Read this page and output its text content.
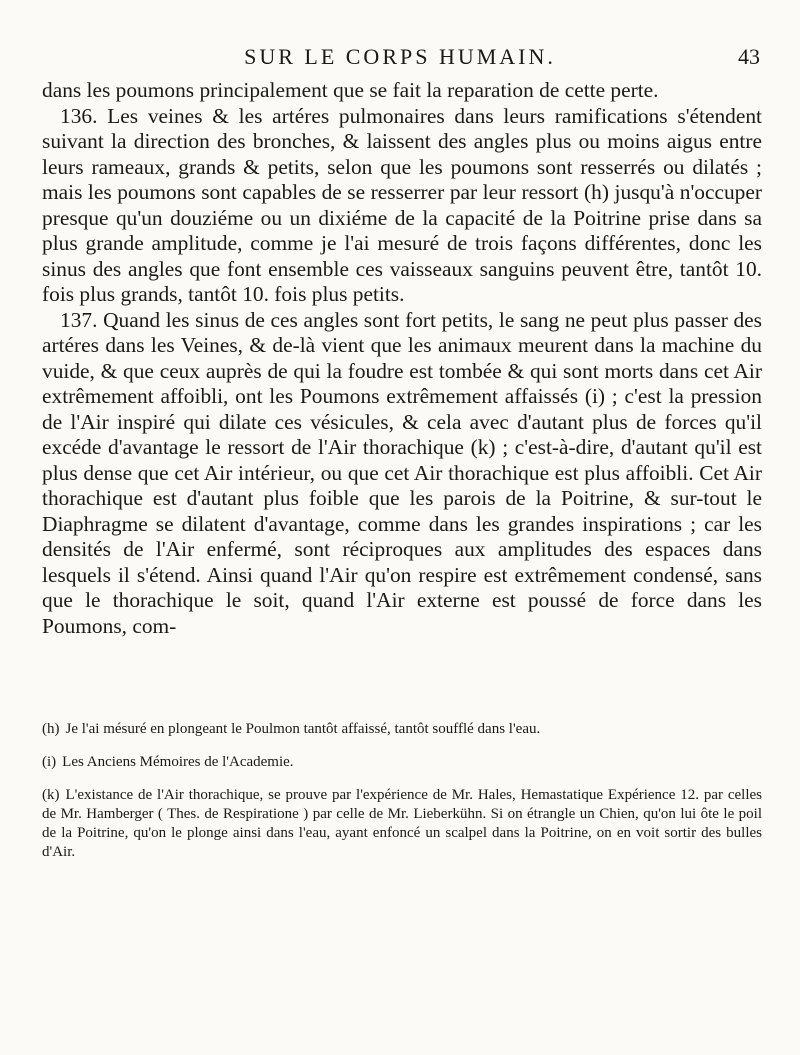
SUR LE CORPS HUMAIN.	43

dans les poumons principalement que se fait la reparation de cette perte.

136. Les veines & les artéres pulmonaires dans leurs ramifications s'étendent suivant la direction des bronches, & laissent des angles plus ou moins aigus entre leurs rameaux, grands & petits, selon que les poumons sont resserrés ou dilatés ; mais les poumons sont capables de se resserrer par leur ressort (h) jusqu'à n'occuper presque qu'un douziéme ou un dixiéme de la capacité de la Poitrine prise dans sa plus grande amplitude, comme je l'ai mesuré de trois façons différentes, donc les sinus des angles que font ensemble ces vaisseaux sanguins peuvent être, tantôt 10. fois plus grands, tantôt 10. fois plus petits.

137. Quand les sinus de ces angles sont fort petits, le sang ne peut plus passer des artéres dans les Veines, & de-là vient que les animaux meurent dans la machine du vuide, & que ceux auprès de qui la foudre est tombée & qui sont morts dans cet Air extrêmement affoibli, ont les Poumons extrêmement affaissés (i) ; c'est la pression de l'Air inspiré qui dilate ces vésicules, & cela avec d'autant plus de forces qu'il excéde d'avantage le ressort de l'Air thorachique (k) ; c'est-à-dire, d'autant qu'il est plus dense que cet Air intérieur, ou que cet Air thorachique est plus affoibli. Cet Air thorachique est d'autant plus foible que les parois de la Poitrine, & sur-tout le Diaphragme se dilatent d'avantage, comme dans les grandes inspirations ; car les densités de l'Air enfermé, sont réciproques aux amplitudes des espaces dans lesquels il s'étend. Ainsi quand l'Air qu'on respire est extrêmement condensé, sans que le thorachique le soit, quand l'Air externe est poussé de force dans les Poumons, com-

(h) Je l'ai mésuré en plongeant le Poulmon tantôt affaissé, tantôt soufflé dans l'eau.

(i) Les Anciens Mémoires de l'Academie.

(k) L'existance de l'Air thorachique, se prouve par l'expérience de Mr. Hales, Hemastatique Expérience 12. par celles de Mr. Hamberger ( Thes. de Respiratione ) par celle de Mr. Lieberkühn. Si on étrangle un Chien, qu'on lui ôte le poil de la Poitrine, qu'on le plonge ainsi dans l'eau, ayant enfoncé un scalpel dans la Poitrine, on en voit sortir des bulles d'Air.
